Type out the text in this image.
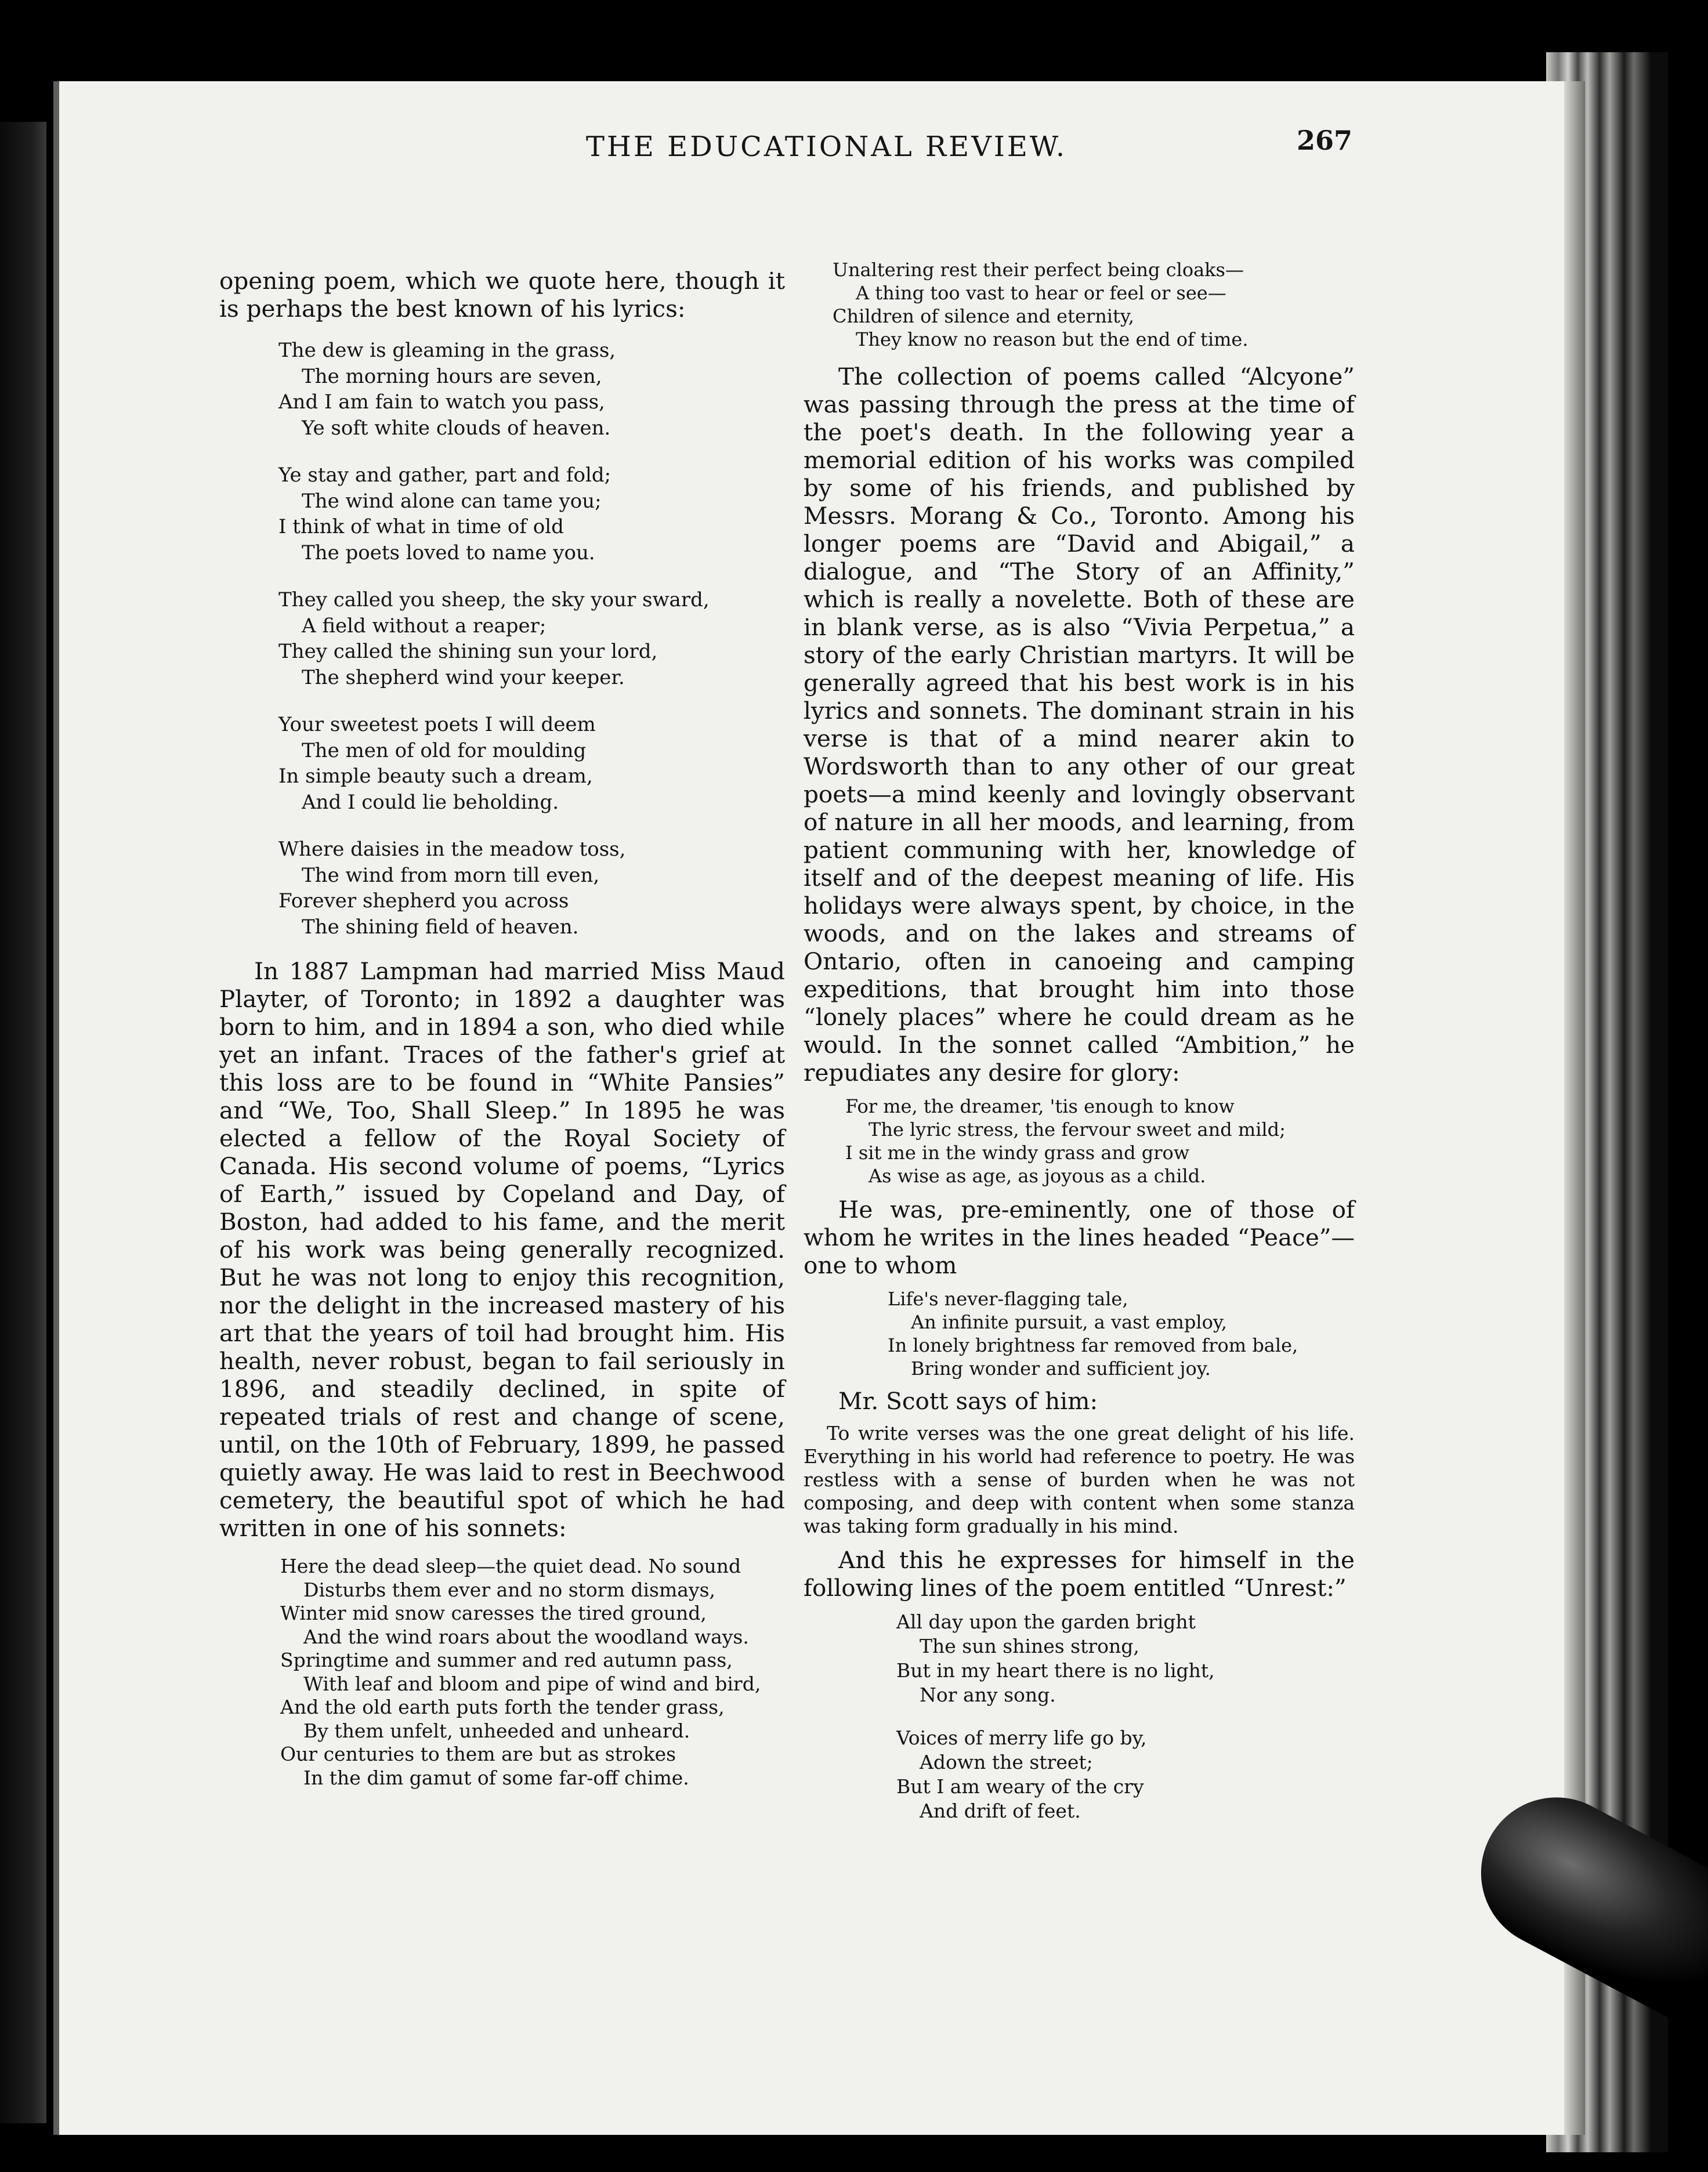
THE EDUCATIONAL REVIEW.	267

opening poem, which we quote here, though it is perhaps the best known of his lyrics:

The dew is gleaming in the grass,
The morning hours are seven,
And I am fain to watch you pass,
Ye soft white clouds of heaven.
Ye stay and gather, part and fold;
The wind alone can tame you;
I think of what in time of old
The poets loved to name you.
They called you sheep, the sky your sward,
A field without a reaper;
They called the shining sun your lord,
The shepherd wind your keeper.
Your sweetest poets I will deem
The men of old for moulding
In simple beauty such a dream,
And I could lie beholding.
Where daisies in the meadow toss,
The wind from morn till even,
Forever shepherd you across
The shining field of heaven.

In 1887 Lampman had married Miss Maud Playter, of Toronto; in 1892 a daughter was born to him, and in 1894 a son, who died while yet an infant. Traces of the father's grief at this loss are to be found in “White Pansies” and “We, Too, Shall Sleep.” In 1895 he was elected a fellow of the Royal Society of Canada. His second volume of poems, “Lyrics of Earth,” issued by Copeland and Day, of Boston, had added to his fame, and the merit of his work was being generally recognized. But he was not long to enjoy this recognition, nor the delight in the increased mastery of his art that the years of toil had brought him. His health, never robust, began to fail seriously in 1896, and steadily declined, in spite of repeated trials of rest and change of scene, until, on the 10th of February, 1899, he passed quietly away. He was laid to rest in Beechwood cemetery, the beautiful spot of which he had written in one of his sonnets:

Here the dead sleep—the quiet dead. No sound
Disturbs them ever and no storm dismays,
Winter mid snow caresses the tired ground,
And the wind roars about the woodland ways.
Springtime and summer and red autumn pass,
With leaf and bloom and pipe of wind and bird,
And the old earth puts forth the tender grass,
By them unfelt, unheeded and unheard.
Our centuries to them are but as strokes
In the dim gamut of some far-off chime.
Unaltering rest their perfect being cloaks—
A thing too vast to hear or feel or see—
Children of silence and eternity,
They know no reason but the end of time.

The collection of poems called “Alcyone” was passing through the press at the time of the poet's death. In the following year a memorial edition of his works was compiled by some of his friends, and published by Messrs. Morang & Co., Toronto. Among his longer poems are “David and Abigail,” a dialogue, and “The Story of an Affinity,” which is really a novelette. Both of these are in blank verse, as is also “Vivia Perpetua,” a story of the early Christian martyrs. It will be generally agreed that his best work is in his lyrics and sonnets. The dominant strain in his verse is that of a mind nearer akin to Wordsworth than to any other of our great poets—a mind keenly and lovingly observant of nature in all her moods, and learning, from patient communing with her, knowledge of itself and of the deepest meaning of life. His holidays were always spent, by choice, in the woods, and on the lakes and streams of Ontario, often in canoeing and camping expeditions, that brought him into those “lonely places” where he could dream as he would. In the sonnet called “Ambition,” he repudiates any desire for glory:

For me, the dreamer, 'tis enough to know
The lyric stress, the fervour sweet and mild;
I sit me in the windy grass and grow
As wise as age, as joyous as a child.

He was, pre-eminently, one of those of whom he writes in the lines headed “Peace”—one to whom

Life's never-flagging tale,
An infinite pursuit, a vast employ,
In lonely brightness far removed from bale,
Bring wonder and sufficient joy.

Mr. Scott says of him:

To write verses was the one great delight of his life. Everything in his world had reference to poetry. He was restless with a sense of burden when he was not composing, and deep with content when some stanza was taking form gradually in his mind.

And this he expresses for himself in the following lines of the poem entitled “Unrest:”

All day upon the garden bright
The sun shines strong,
But in my heart there is no light,
Nor any song.
Voices of merry life go by,
Adown the street;
But I am weary of the cry
And drift of feet.
